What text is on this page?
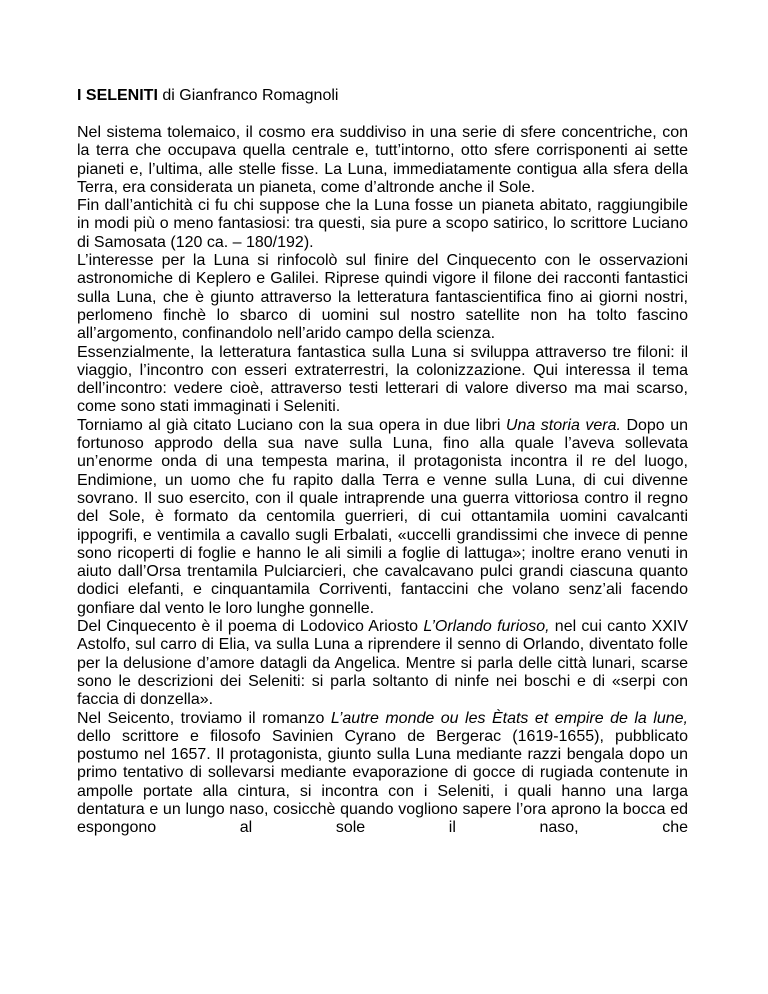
I SELENITI di Gianfranco Romagnoli

Nel sistema tolemaico, il cosmo era suddiviso in una serie di sfere concentriche, con la terra che occupava quella centrale e, tutt’intorno, otto sfere corrisponenti ai sette pianeti e, l’ultima, alle stelle fisse. La Luna, immediatamente contigua alla sfera della Terra, era considerata un pianeta, come d’altronde anche il Sole.

Fin dall’antichità ci fu chi suppose che la Luna fosse un pianeta abitato, raggiungibile in modi più o meno fantasiosi: tra questi, sia pure a scopo satirico, lo scrittore Luciano di Samosata (120 ca. – 180/192).

L’interesse per la Luna si rinfocolò sul finire del Cinquecento con le osservazioni astronomiche di Keplero e Galilei. Riprese quindi vigore il filone dei racconti fantastici sulla Luna, che è giunto attraverso la letteratura fantascientifica fino ai giorni nostri, perlomeno finchè lo sbarco di uomini sul nostro satellite non ha tolto fascino all’argomento, confinandolo nell’arido campo della scienza.

Essenzialmente, la letteratura fantastica sulla Luna si sviluppa attraverso tre filoni: il viaggio, l’incontro con esseri extraterrestri, la colonizzazione. Qui interessa il tema dell’incontro: vedere cioè, attraverso testi letterari di valore diverso ma mai scarso, come sono stati immaginati i Seleniti.

Torniamo al già citato Luciano con la sua opera in due libri Una storia vera. Dopo un fortunoso approdo della sua nave sulla Luna, fino alla quale l’aveva sollevata un’enorme onda di una tempesta marina, il protagonista incontra il re del luogo, Endimione, un uomo che fu rapito dalla Terra e venne sulla Luna, di cui divenne sovrano. Il suo esercito, con il quale intraprende una guerra vittoriosa contro il regno del Sole, è formato da centomila guerrieri, di cui ottantamila uomini cavalcanti ippogrifi, e ventimila a cavallo sugli Erbalati, «uccelli grandissimi che invece di penne sono ricoperti di foglie e hanno le ali simili a foglie di lattuga»; inoltre erano venuti in aiuto dall’Orsa trentamila Pulciarcieri, che cavalcavano pulci grandi ciascuna quanto dodici elefanti, e cinquantamila Corriventi, fantaccini che volano senz’ali facendo gonfiare dal vento le loro lunghe gonnelle.

Del Cinquecento è il poema di Lodovico Ariosto L’Orlando furioso, nel cui canto XXIV Astolfo, sul carro di Elia, va sulla Luna a riprendere il senno di Orlando, diventato folle per la delusione d’amore datagli da Angelica. Mentre si parla delle città lunari, scarse sono le descrizioni dei Seleniti: si parla soltanto di ninfe nei boschi e di «serpi con faccia di donzella».

Nel Seicento, troviamo il romanzo L’autre monde ou les Ètats et empire de la lune, dello scrittore e filosofo Savinien Cyrano de Bergerac (1619-1655), pubblicato postumo nel 1657. Il protagonista, giunto sulla Luna mediante razzi bengala dopo un primo tentativo di sollevarsi mediante evaporazione di gocce di rugiada contenute in ampolle portate alla cintura, si incontra con i Seleniti, i quali hanno una larga dentatura e un lungo naso, cosicchè quando vogliono sapere l’ora aprono la bocca ed espongono al sole il naso, che
